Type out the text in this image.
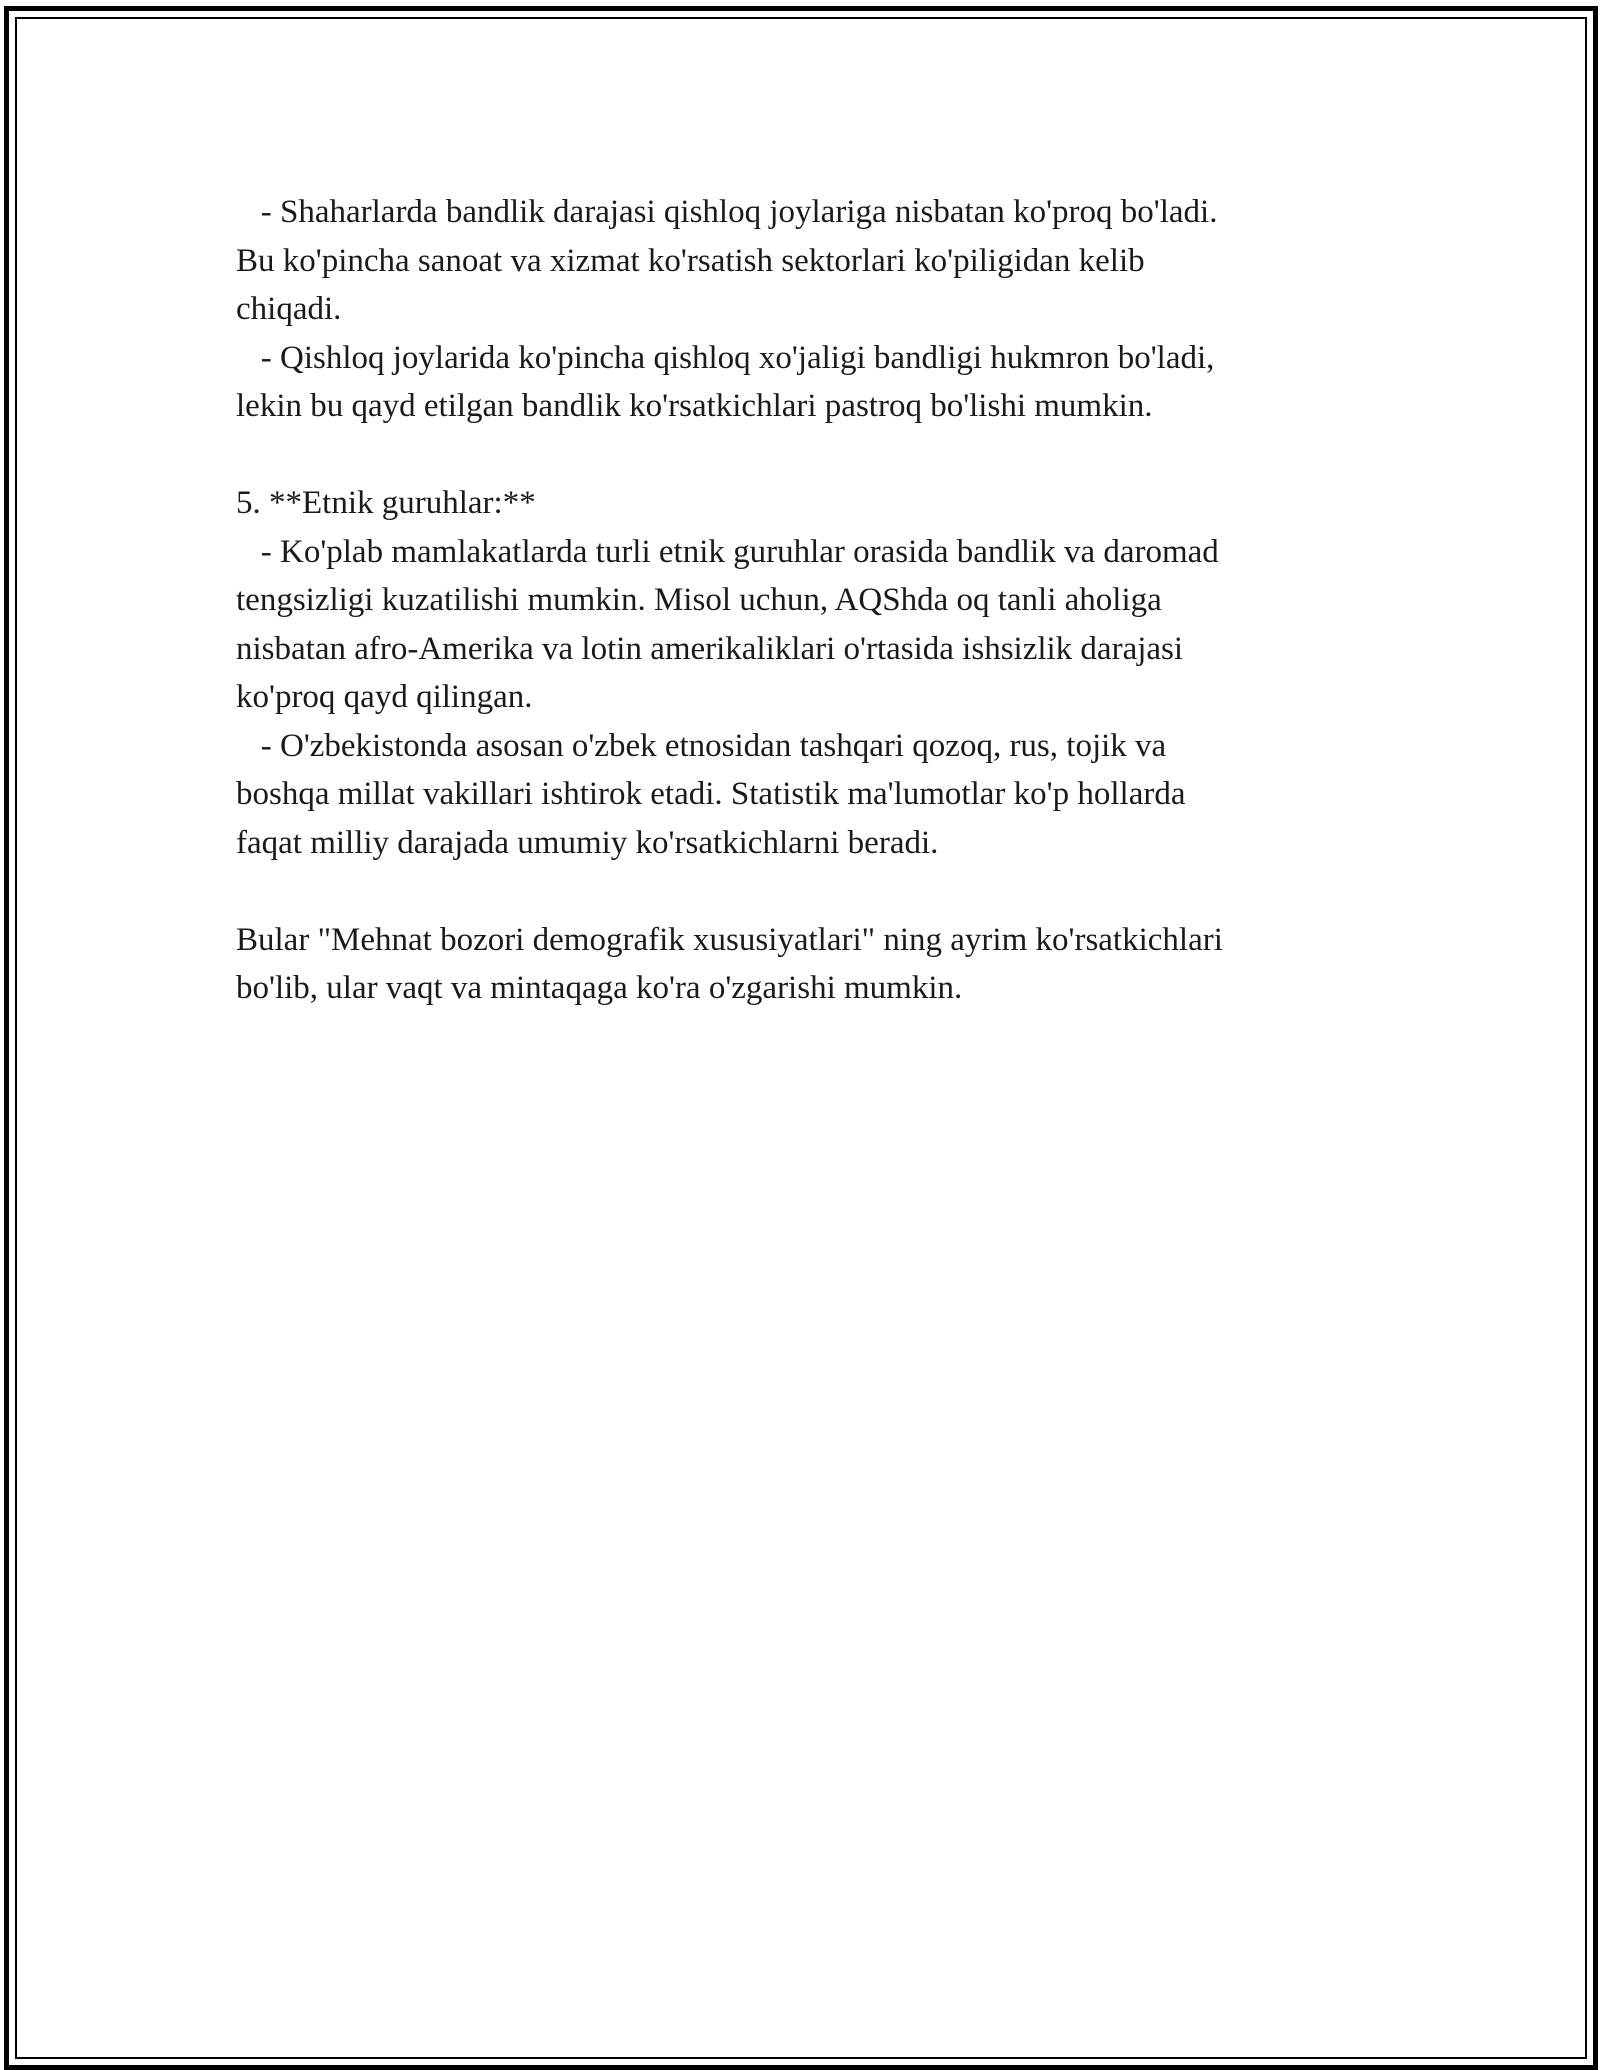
- Shaharlarda bandlik darajasi qishloq joylariga nisbatan ko'proq bo'ladi.
Bu ko'pincha sanoat va xizmat ko'rsatish sektorlari ko'piligidan kelib
chiqadi.
- Qishloq joylarida ko'pincha qishloq xo'jaligi bandligi hukmron bo'ladi,
lekin bu qayd etilgan bandlik ko'rsatkichlari pastroq bo'lishi mumkin.
5. **Etnik guruhlar:**
- Ko'plab mamlakatlarda turli etnik guruhlar orasida bandlik va daromad
tengsizligi kuzatilishi mumkin. Misol uchun, AQShda oq tanli aholiga
nisbatan afro-Amerika va lotin amerikaliklari o'rtasida ishsizlik darajasi
ko'proq qayd qilingan.
- O'zbekistonda asosan o'zbek etnosidan tashqari qozoq, rus, tojik va
boshqa millat vakillari ishtirok etadi. Statistik ma'lumotlar ko'p hollarda
faqat milliy darajada umumiy ko'rsatkichlarni beradi.
Bular "Mehnat bozori demografik xususiyatlari" ning ayrim ko'rsatkichlari
bo'lib, ular vaqt va mintaqaga ko'ra o'zgarishi mumkin.
